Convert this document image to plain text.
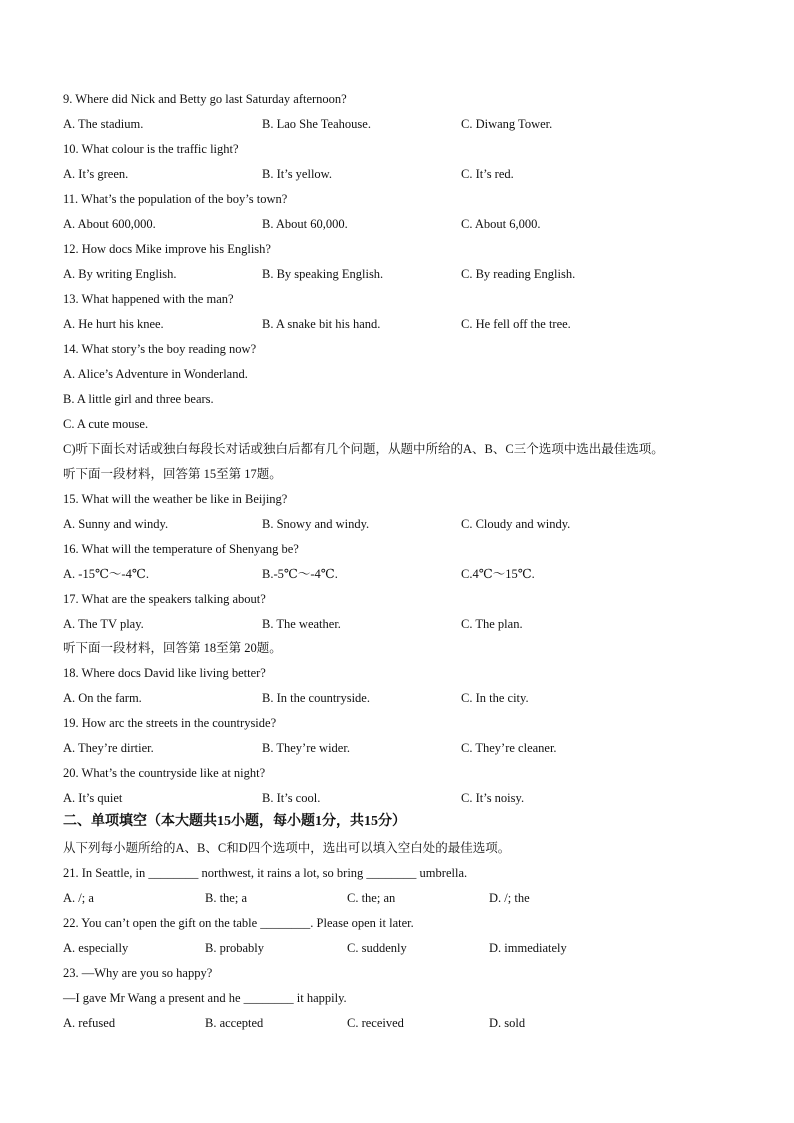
9. Where did Nick and Betty go last Saturday afternoon?
A. The stadium.	B. Lao She Teahouse.	C. Diwang Tower.
10. What colour is the traffic light?
A. It’s green.	B. It’s yellow.	C. It’s red.
11. What’s the population of the boy’s town?
A. About 600,000.	B. About 60,000.	C. About 6,000.
12. How docs Mike improve his English?
A. By writing English.	B. By speaking English.	C. By reading English.
13. What happened with the man?
A. He hurt his knee.	B. A snake bit his hand.	C. He fell off the tree.
14. What story’s the boy reading now?
A. Alice’s Adventure in Wonderland.
B. A little girl and three bears.
C. A cute mouse.
C)听下面长对话或独白每段长对话或独白后都有几个问题，从题中所给的A、B、C三个选项中选出最佳选项。
听下面一段材料，回答第 15至第 17题。
15. What will the weather be like in Beijing?
A. Sunny and windy.	B. Snowy and windy.	C. Cloudy and windy.
16. What will the temperature of Shenyang be?
A. -15℃～-4℃.	B.-5℃～-4℃.	C.4℃～15℃.
17. What are the speakers talking about?
A. The TV play.	B. The weather.	C. The plan.
听下面一段材料，回答第 18至第 20题。
18. Where docs David like living better?
A. On the farm.	B. In the countryside.	C. In the city.
19. How arc the streets in the countryside?
A. They’re dirtier.	B. They’re wider.	C. They’re cleaner.
20. What’s the countryside like at night?
A. It’s quiet	B. It’s cool.	C. It’s noisy.
二、单项填空（本大题共15小题，每小题1分，共15分）
从下列每小题所给的A、B、C和D四个选项中，选出可以填入空白处的最佳选项。
21. In Seattle, in ________ northwest, it rains a lot, so bring ________ umbrella.
A. /; a	B. the; a	C. the; an	D. /; the
22. You can’t open the gift on the table ________. Please open it later.
A. especially	B. probably	C. suddenly	D. immediately
23. —Why are you so happy?
—I gave Mr Wang a present and he ________ it happily.
A. refused	B. accepted	C. received	D. sold
